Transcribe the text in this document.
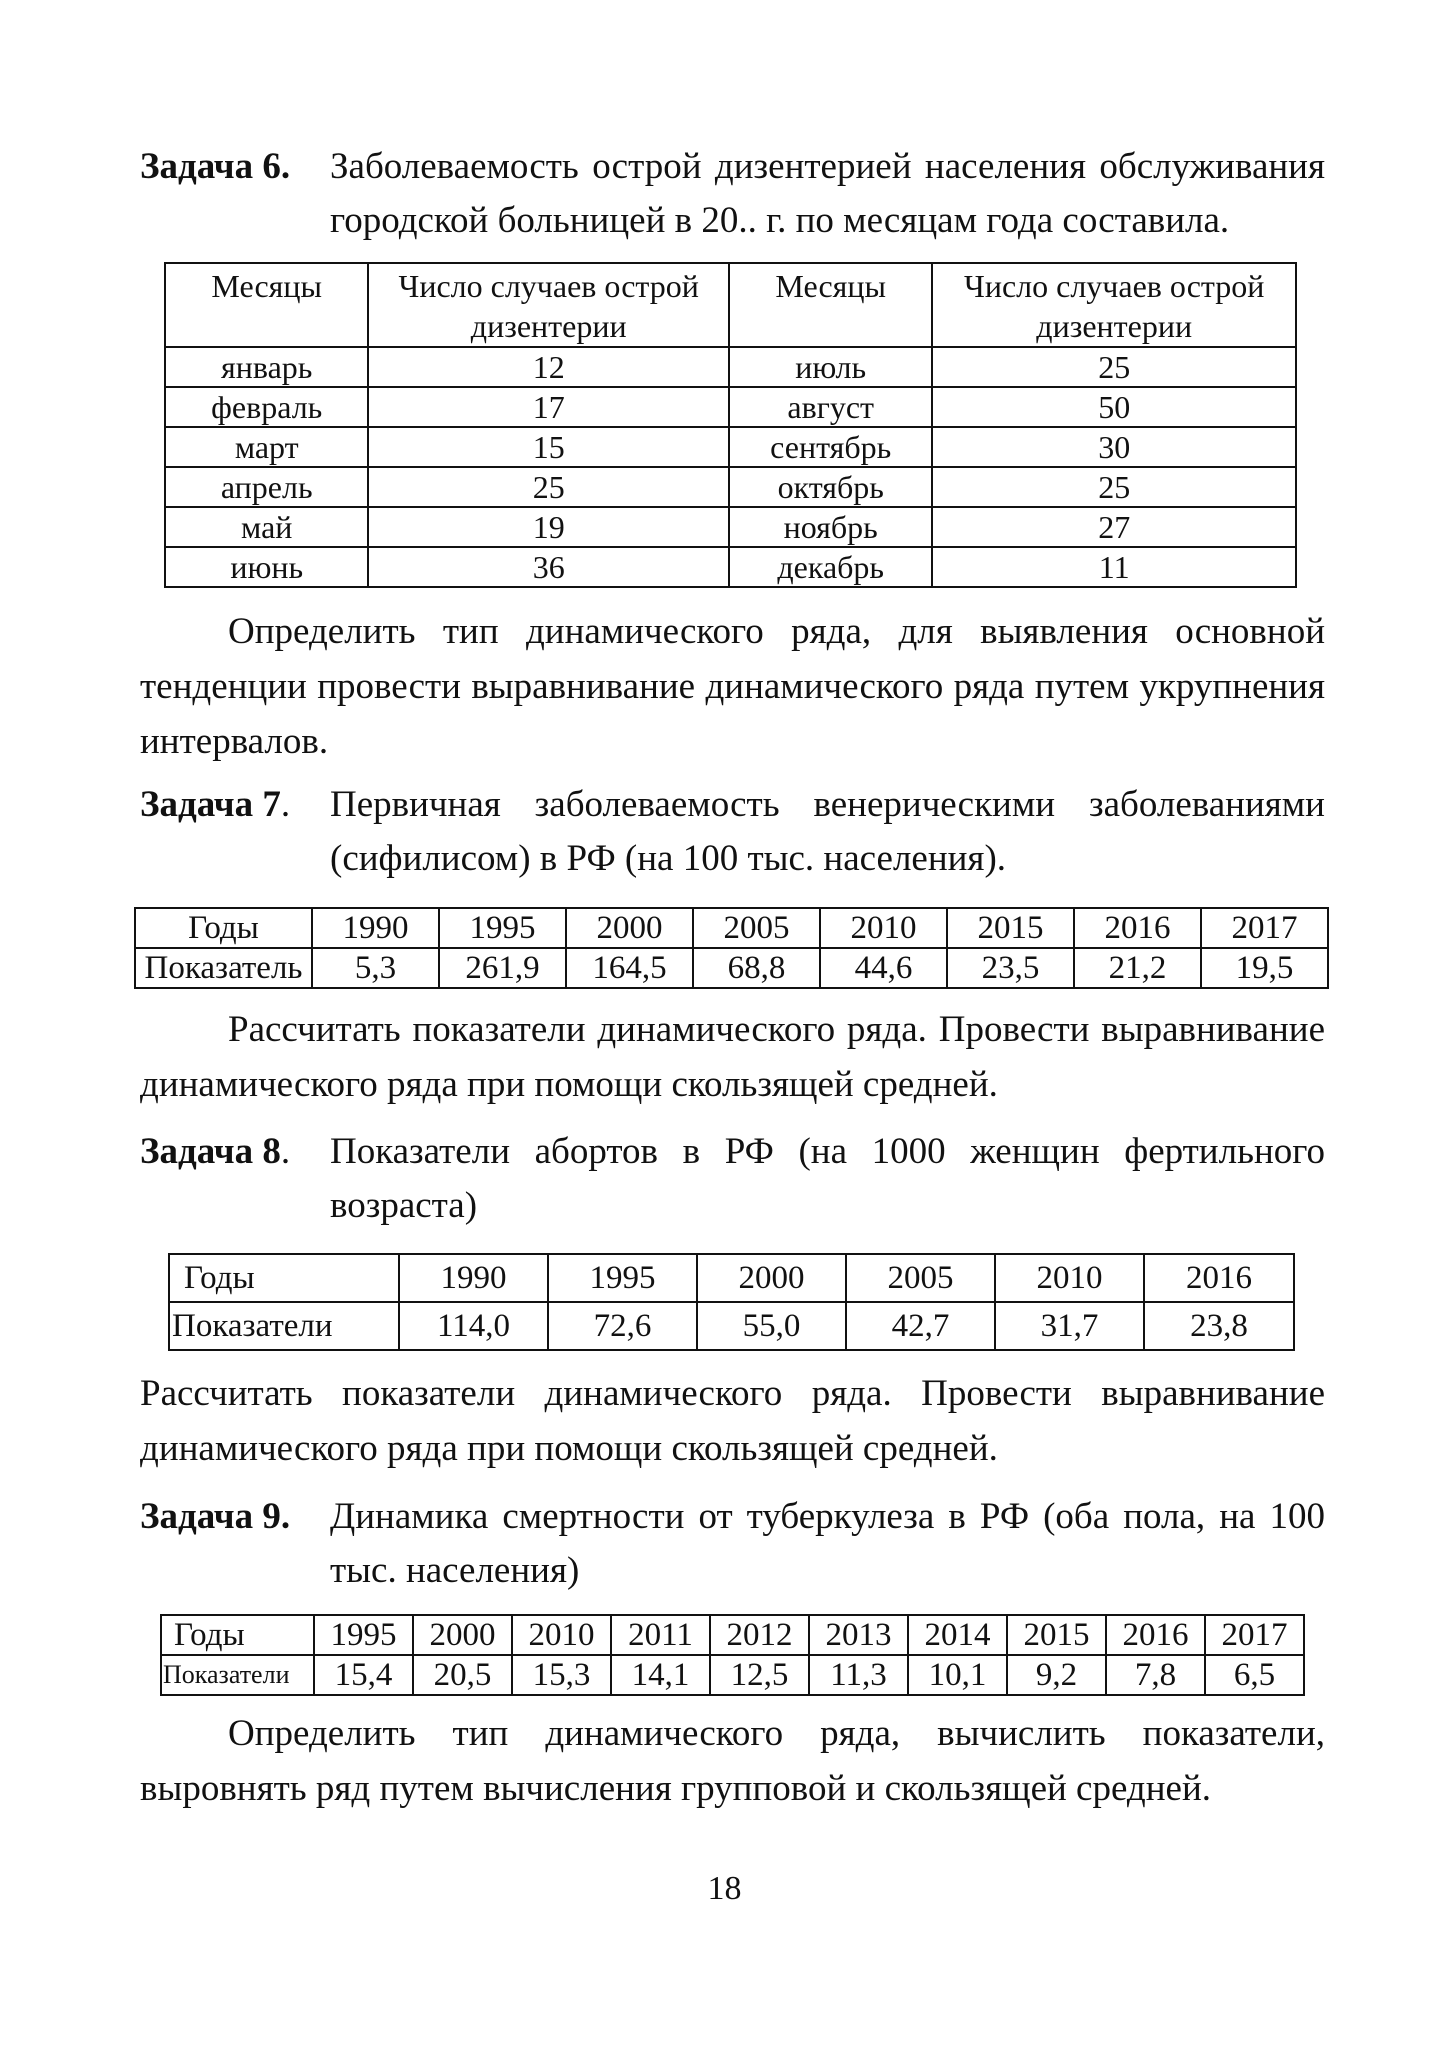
Задача 6. Заболеваемость острой дизентерией населения обслуживания городской больницей в 20.. г. по месяцам года составила.
Месяцы	Число случаев острой дизентерии	Месяцы	Число случаев острой дизентерии
январь	12	июль	25
февраль	17	август	50
март	15	сентябрь	30
апрель	25	октябрь	25
май	19	ноябрь	27
июнь	36	декабрь	11
Определить тип динамического ряда, для выявления основной тенденции провести выравнивание динамического ряда путем укрупнения интервалов.
Задача 7. Первичная заболеваемость венерическими заболеваниями (сифилисом) в РФ (на 100 тыс. населения).
Годы	1990	1995	2000	2005	2010	2015	2016	2017
Показатель	5,3	261,9	164,5	68,8	44,6	23,5	21,2	19,5
Рассчитать показатели динамического ряда. Провести выравнивание динамического ряда при помощи скользящей средней.
Задача 8. Показатели абортов в РФ (на 1000 женщин фертильного возраста)
Годы	1990	1995	2000	2005	2010	2016
Показатели	114,0	72,6	55,0	42,7	31,7	23,8
Рассчитать показатели динамического ряда. Провести выравнивание динамического ряда при помощи скользящей средней.
Задача 9. Динамика смертности от туберкулеза в РФ (оба пола, на 100 тыс. населения)
Годы	1995	2000	2010	2011	2012	2013	2014	2015	2016	2017
Показатели	15,4	20,5	15,3	14,1	12,5	11,3	10,1	9,2	7,8	6,5
Определить тип динамического ряда, вычислить показатели, выровнять ряд путем вычисления групповой и скользящей средней.
18
